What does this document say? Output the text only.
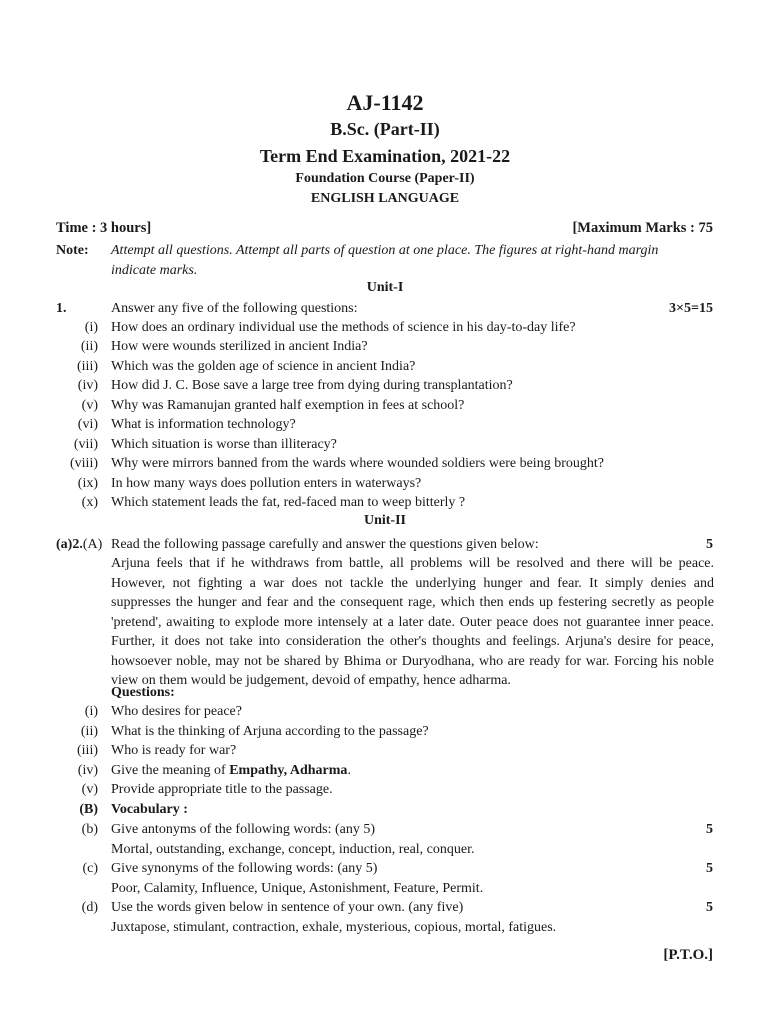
AJ-1142
B.Sc. (Part-II)
Term End Examination, 2021-22
Foundation Course (Paper-II)
ENGLISH LANGUAGE
Time : 3 hours]	[Maximum Marks : 75
Note: Attempt all questions. Attempt all parts of question at one place. The figures at right-hand margin
indicate marks.
Unit-I
1.	Answer any five of the following questions:	3×5=15
(i) How does an ordinary individual use the methods of science in his day-to-day life?
(ii) How were wounds sterilized in ancient India?
(iii) Which was the golden age of science in ancient India?
(iv) How did J. C. Bose save a large tree from dying during transplantation?
(v) Why was Ramanujan granted half exemption in fees at school?
(vi) What is information technology?
(vii) Which situation is worse than illiteracy?
(viii) Why were mirrors banned from the wards where wounded soldiers were being brought?
(ix) In how many ways does pollution enters in waterways?
(x) Which statement leads the fat, red-faced man to weep bitterly ?
Unit-II
(a)2.(A) Read the following passage carefully and answer the questions given below:	5
Arjuna feels that if he withdraws from battle, all problems will be resolved and there will be peace. However, not fighting a war does not tackle the underlying hunger and fear. It simply denies and suppresses the hunger and fear and the consequent rage, which then ends up festering secretly as people 'pretend', awaiting to explode more intensely at a later date. Outer peace does not guarantee inner peace. Further, it does not take into consideration the other's thoughts and feelings. Arjuna's desire for peace, howsoever noble, may not be shared by Bhima or Duryodhana, who are ready for war. Forcing his noble view on them would be judgement, devoid of empathy, hence adharma.
Questions:
(i) Who desires for peace?
(ii) What is the thinking of Arjuna according to the passage?
(iii) Who is ready for war?
(iv) Give the meaning of Empathy, Adharma.
(v) Provide appropriate title to the passage.
(B) Vocabulary :
(b) Give antonyms of the following words: (any 5)	5
Mortal, outstanding, exchange, concept, induction, real, conquer.
(c) Give synonyms of the following words: (any 5)	5
Poor, Calamity, Influence, Unique, Astonishment, Feature, Permit.
(d) Use the words given below in sentence of your own. (any five)	5
Juxtapose, stimulant, contraction, exhale, mysterious, copious, mortal, fatigues.
[P.T.O.]
